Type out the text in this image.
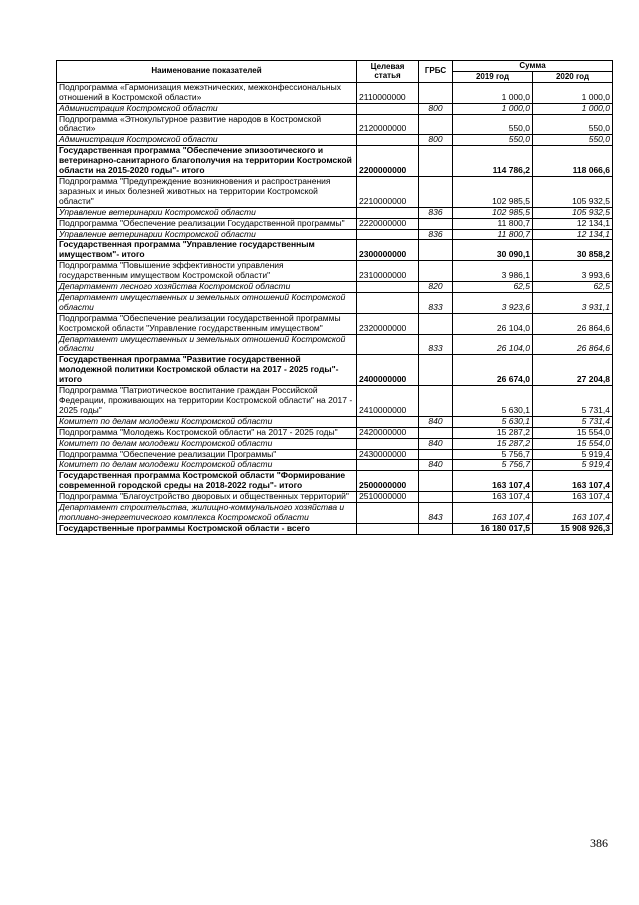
Наименование показателей	Целевая статья	ГРБС	Сумма	
			2019 год	2020 год
Подпрограмма «Гармонизация межэтнических, межконфессиональных отношений в Костромской области»	2110000000		1 000,0	1 000,0
Администрация Костромской области		800	1 000,0	1 000,0
Подпрограмма «Этнокультурное развитие народов в Костромской области»	2120000000		550,0	550,0
Администрация Костромской области		800	550,0	550,0
Государственная программа "Обеспечение эпизоотического и ветеринарно-санитарного благополучия на территории Костромской области на 2015-2020 годы"- итого	2200000000		114 786,2	118 066,6
Подпрограмма "Предупреждение возникновения и распространения заразных и иных болезней животных на территории Костромской области"	2210000000		102 985,5	105 932,5
Управление ветеринарии Костромской области		836	102 985,5	105 932,5
Подпрограмма "Обеспечение реализации Государственной программы"	2220000000		11 800,7	12 134,1
Управление ветеринарии Костромской области		836	11 800,7	12 134,1
Государственная программа "Управление государственным имуществом"- итого	2300000000		30 090,1	30 858,2
Подпрограмма "Повышение эффективности управления государственным имуществом Костромской области"	2310000000		3 986,1	3 993,6
Департамент лесного хозяйства Костромской области		820	62,5	62,5
Департамент имущественных и земельных отношений Костромской области		833	3 923,6	3 931,1
Подпрограмма "Обеспечение реализации государственной программы Костромской области "Управление государственным имуществом"	2320000000		26 104,0	26 864,6
Департамент имущественных и земельных отношений Костромской области		833	26 104,0	26 864,6
Государственная программа "Развитие государственной молодежной политики Костромской области на 2017 - 2025 годы"- итого	2400000000		26 674,0	27 204,8
Подпрограмма "Патриотическое воспитание граждан Российской Федерации, проживающих на территории Костромской области" на 2017 - 2025 годы"	2410000000		5 630,1	5 731,4
Комитет по делам молодежи Костромской области		840	5 630,1	5 731,4
Подпрограмма "Молодежь Костромской области" на 2017 - 2025 годы"	2420000000		15 287,2	15 554,0
Комитет по делам молодежи Костромской области		840	15 287,2	15 554,0
Подпрограмма "Обеспечение реализации Программы"	2430000000		5 756,7	5 919,4
Комитет по делам молодежи Костромской области		840	5 756,7	5 919,4
Государственная программа Костромской области "Формирование современной городской среды на 2018-2022 годы"- итого	2500000000		163 107,4	163 107,4
Подпрограмма "Благоустройство дворовых и общественных территорий"	2510000000		163 107,4	163 107,4
Департамент строительства, жилищно-коммунального хозяйства и топливно-энергетического комплекса Костромской области		843	163 107,4	163 107,4
Государственные программы Костромской области - всего			16 180 017,5	15 908 926,3
386
